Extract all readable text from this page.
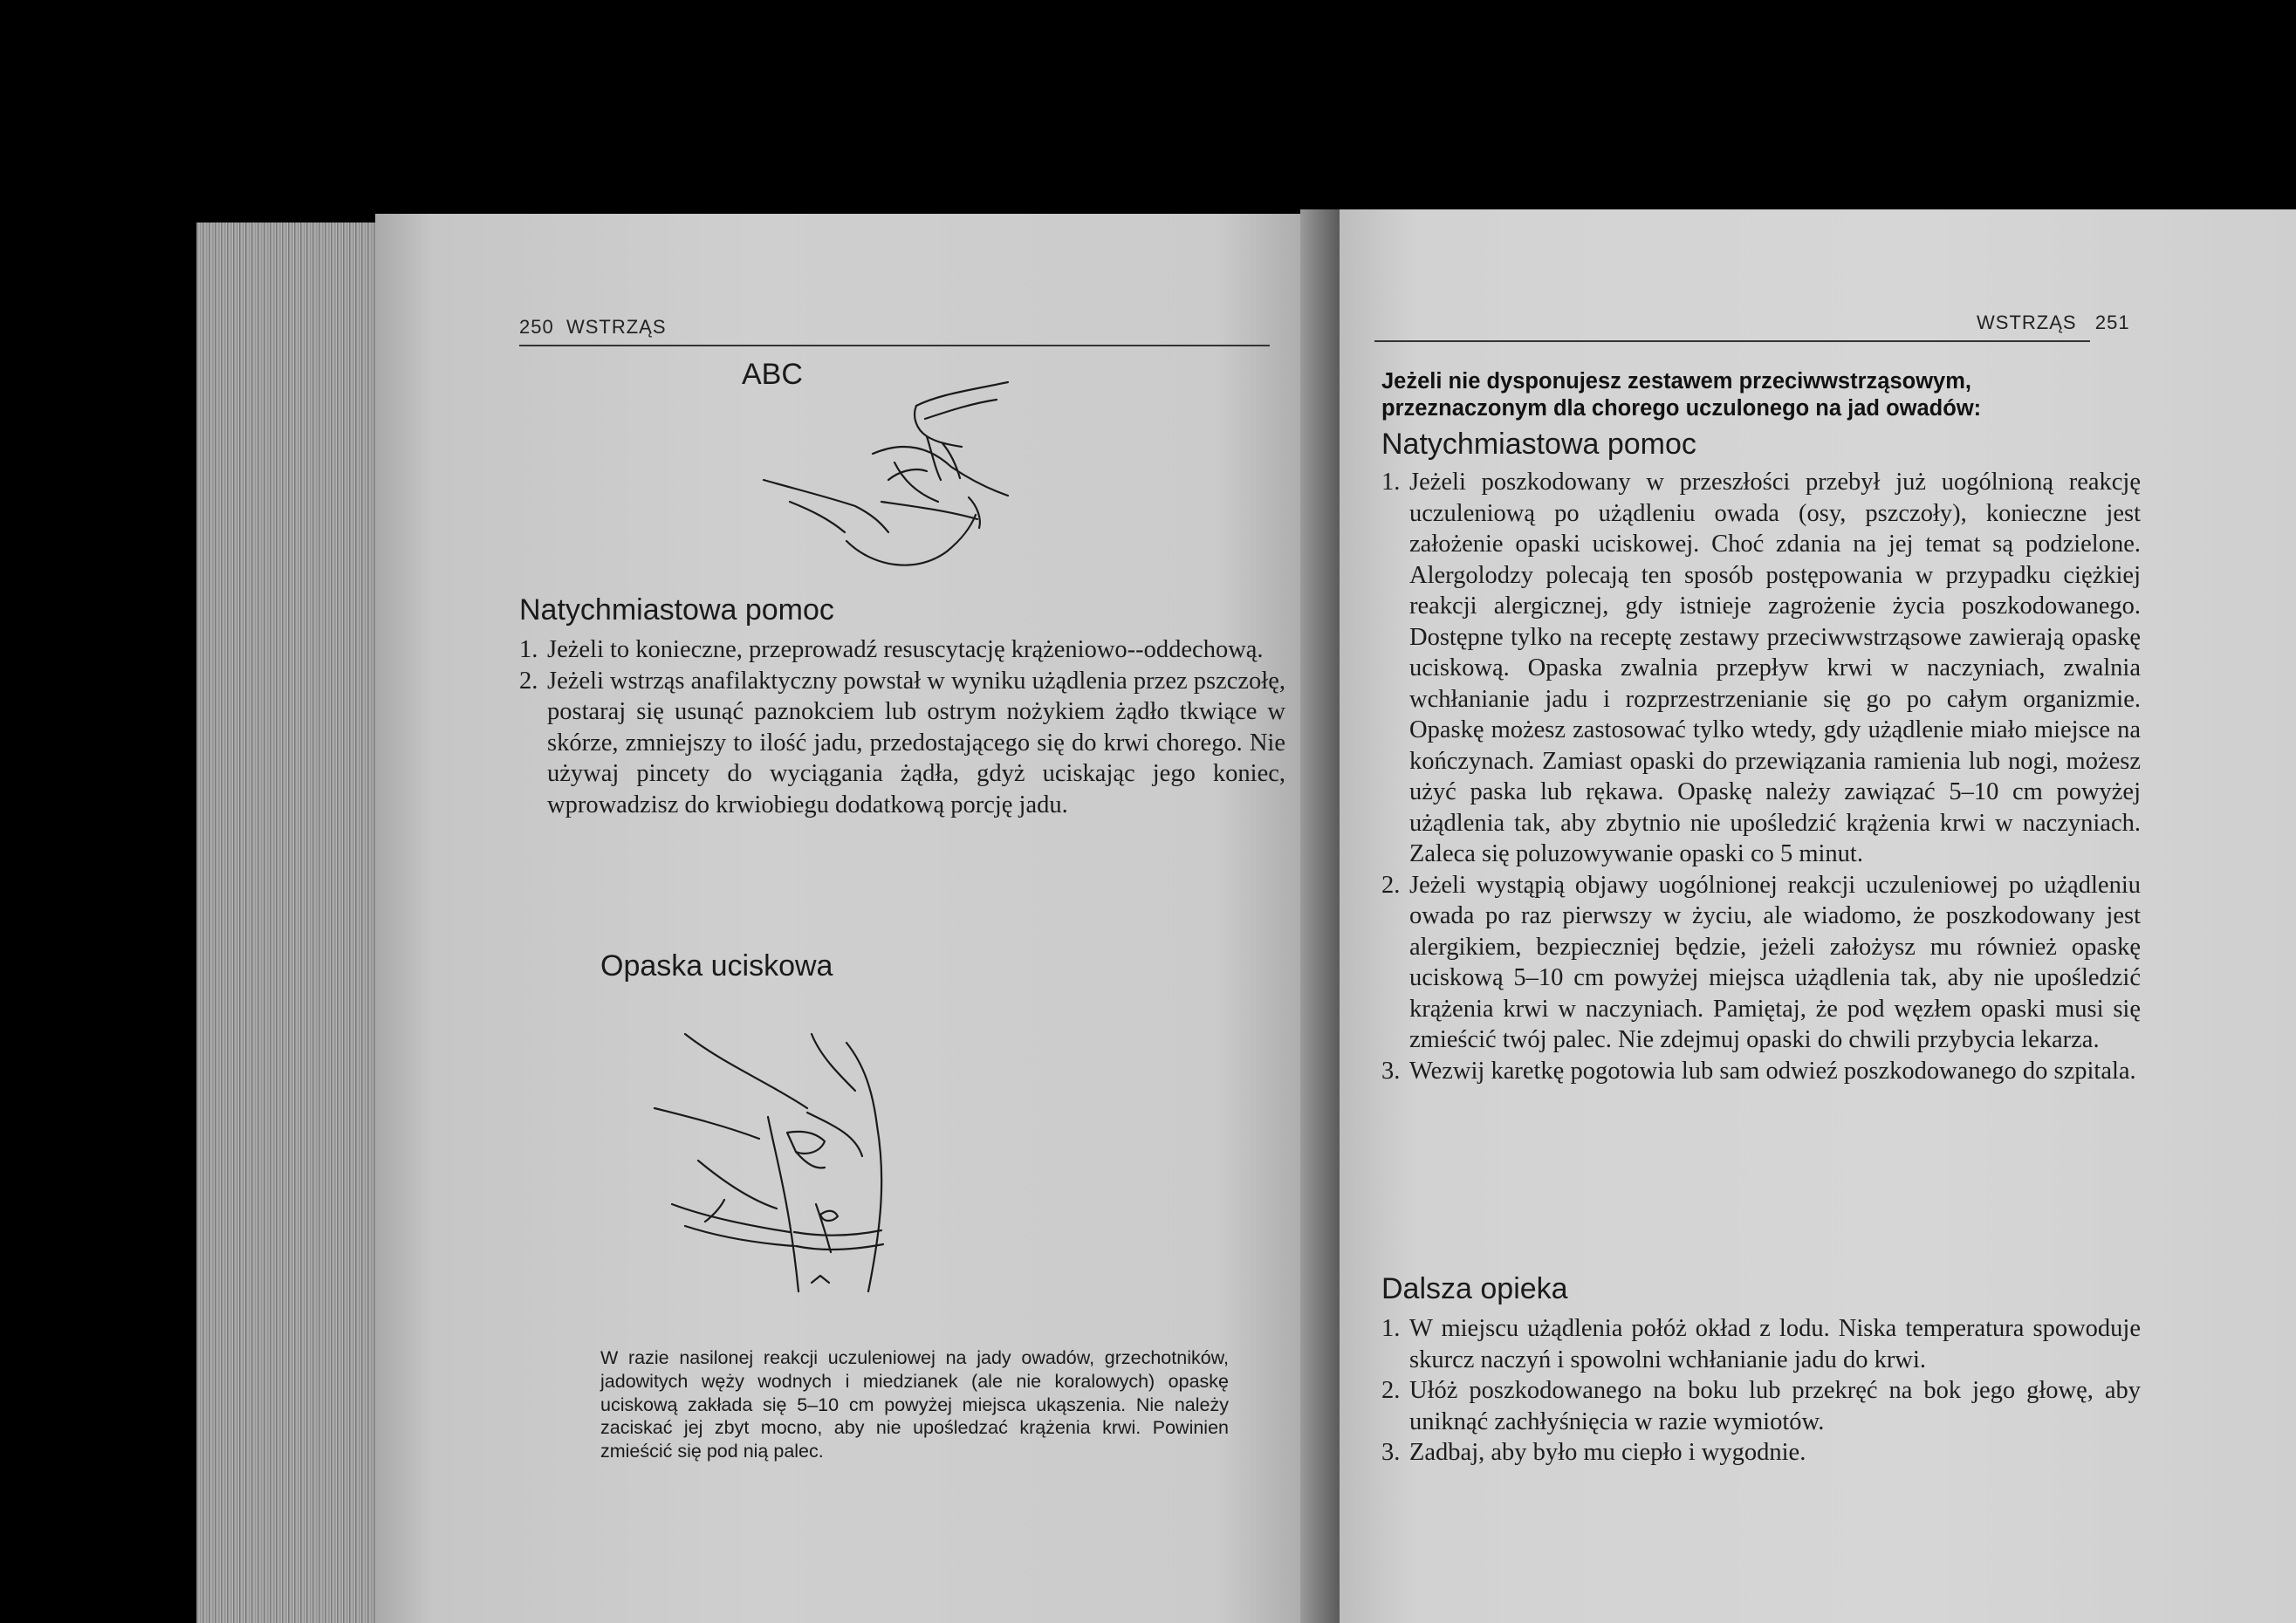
250 WSTRZĄS
ABC
Natychmiastowa pomoc
1. Jeżeli to konieczne, przeprowadź resuscytację krążeniowo--oddechową.
2. Jeżeli wstrząs anafilaktyczny powstał w wyniku użądlenia przez pszczołę, postaraj się usunąć paznokciem lub ostrym nożykiem żądło tkwiące w skórze, zmniejszy to ilość jadu, przedostającego się do krwi chorego. Nie używaj pincety do wyciągania żądła, gdyż uciskając jego koniec, wprowadzisz do krwiobiegu dodatkową porcję jadu.
Opaska uciskowa
W razie nasilonej reakcji uczuleniowej na jady owadów, grzechotników, jadowitych węży wodnych i miedzianek (ale nie koralowych) opaskę uciskową zakłada się 5–10 cm powyżej miejsca ukąszenia. Nie należy zaciskać jej zbyt mocno, aby nie upośledzać krążenia krwi. Powinien zmieścić się pod nią palec.
WSTRZĄS 251
Jeżeli nie dysponujesz zestawem przeciwwstrząsowym, przeznaczonym dla chorego uczulonego na jad owadów:
Natychmiastowa pomoc
1. Jeżeli poszkodowany w przeszłości przebył już uogólnioną reakcję uczuleniową po użądleniu owada (osy, pszczoły), konieczne jest założenie opaski uciskowej. Choć zdania na jej temat są podzielone. Alergolodzy polecają ten sposób postępowania w przypadku ciężkiej reakcji alergicznej, gdy istnieje zagrożenie życia poszkodowanego. Dostępne tylko na receptę zestawy przeciwwstrząsowe zawierają opaskę uciskową. Opaska zwalnia przepływ krwi w naczyniach, zwalnia wchłanianie jadu i rozprzestrzenianie się go po całym organizmie. Opaskę możesz zastosować tylko wtedy, gdy użądlenie miało miejsce na kończynach. Zamiast opaski do przewiązania ramienia lub nogi, możesz użyć paska lub rękawa. Opaskę należy zawiązać 5–10 cm powyżej użądlenia tak, aby zbytnio nie upośledzić krążenia krwi w naczyniach. Zaleca się poluzowywanie opaski co 5 minut.
2. Jeżeli wystąpią objawy uogólnionej reakcji uczuleniowej po użądleniu owada po raz pierwszy w życiu, ale wiadomo, że poszkodowany jest alergikiem, bezpieczniej będzie, jeżeli założysz mu również opaskę uciskową 5–10 cm powyżej miejsca użądlenia tak, aby nie upośledzić krążenia krwi w naczyniach. Pamiętaj, że pod węzłem opaski musi się zmieścić twój palec. Nie zdejmuj opaski do chwili przybycia lekarza.
3. Wezwij karetkę pogotowia lub sam odwieź poszkodowanego do szpitala.
Dalsza opieka
1. W miejscu użądlenia połóż okład z lodu. Niska temperatura spowoduje skurcz naczyń i spowolni wchłanianie jadu do krwi.
2. Ułóż poszkodowanego na boku lub przekręć na bok jego głowę, aby uniknąć zachłyśnięcia w razie wymiotów.
3. Zadbaj, aby było mu ciepło i wygodnie.
